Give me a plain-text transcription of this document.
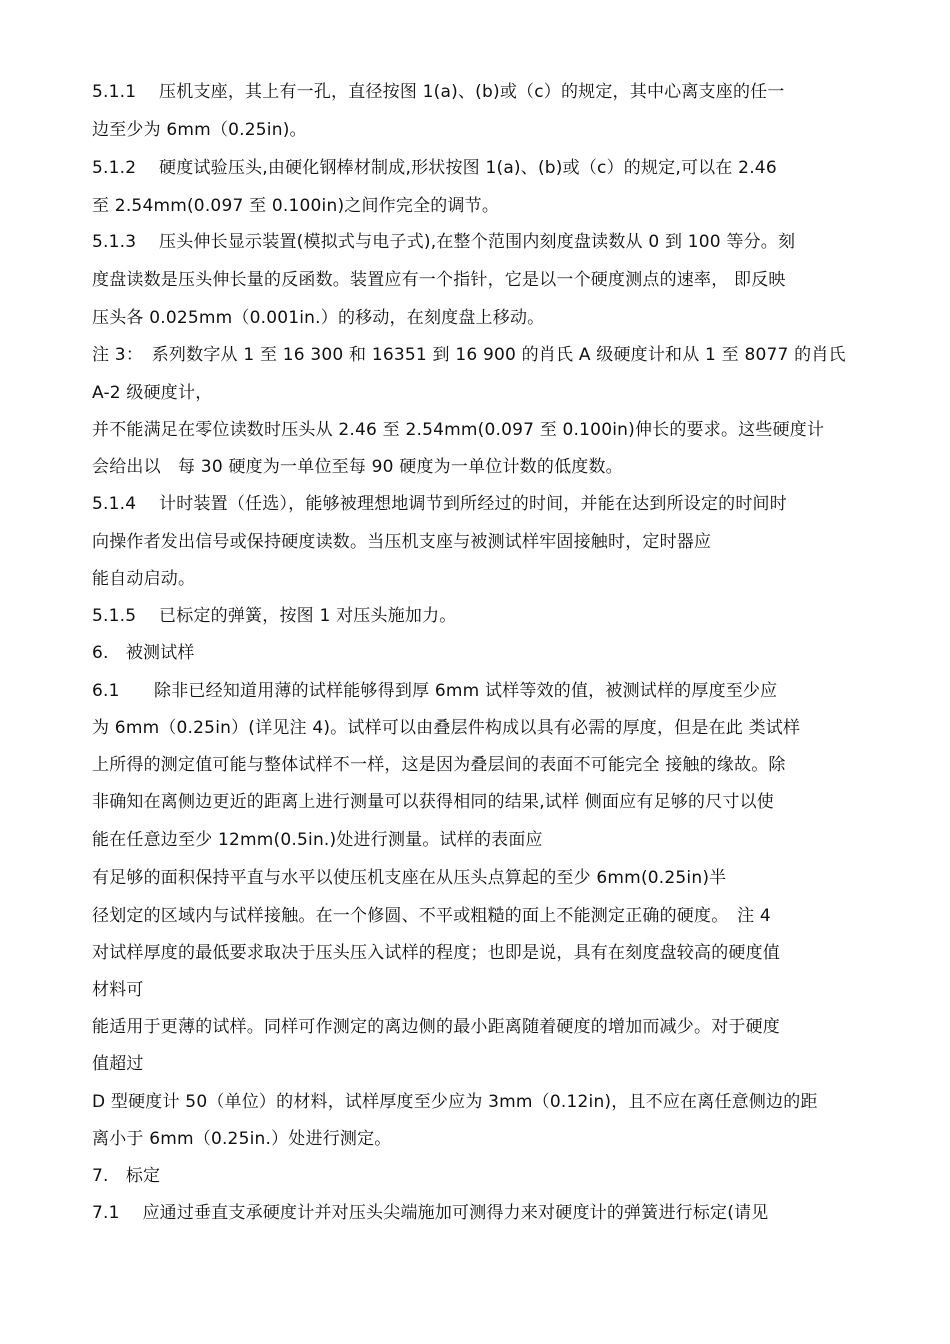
5.1.1　 压机支座，其上有一孔，直径按图 1(a)、(b)或（c）的规定，其中心离支座的任一
边至少为 6mm（0.25in)。
5.1.2　 硬度试验压头,由硬化钢棒材制成,形状按图 1(a)、(b)或（c）的规定,可以在 2.46
至 2.54mm(0.097 至 0.100in)之间作完全的调节。
5.1.3　 压头伸长显示装置(模拟式与电子式),在整个范围内刻度盘读数从 0 到 100 等分。刻
度盘读数是压头伸长量的反函数。装置应有一个指针，它是以一个硬度测点的速率， 即反映
压头各 0.025mm（0.001in.）的移动，在刻度盘上移动。
注 3：　系列数字从 1 至 16 300 和 16351 到 16 900 的肖氏 A 级硬度计和从 1 至 8077 的肖氏
A-2 级硬度计，
并不能满足在零位读数时压头从 2.46 至 2.54mm(0.097 至 0.100in)伸长的要求。这些硬度计
会给出以　每 30 硬度为一单位至每 90 硬度为一单位计数的低度数。
5.1.4　 计时装置（任选），能够被理想地调节到所经过的时间，并能在达到所设定的时间时
向操作者发出信号或保持硬度读数。当压机支座与被测试样牢固接触时，定时器应
能自动启动。
5.1.5　 已标定的弹簧，按图 1 对压头施加力。
6.　被测试样
6.1　　除非已经知道用薄的试样能够得到厚 6mm 试样等效的值，被测试样的厚度至少应
为 6mm（0.25in）(详见注 4)。试样可以由叠层件构成以具有必需的厚度，但是在此 类试样
上所得的测定值可能与整体试样不一样，这是因为叠层间的表面不可能完全 接触的缘故。除
非确知在离侧边更近的距离上进行测量可以获得相同的结果,试样 侧面应有足够的尺寸以使
能在任意边至少 12mm(0.5in.)处进行测量。试样的表面应
有足够的面积保持平直与水平以使压机支座在从压头点算起的至少 6mm(0.25in)半
径划定的区域内与试样接触。在一个修圆、不平或粗糙的面上不能测定正确的硬度。　注 4
对试样厚度的最低要求取决于压头压入试样的程度；也即是说，具有在刻度盘较高的硬度值
材料可
能适用于更薄的试样。同样可作测定的离边侧的最小距离随着硬度的增加而减少。对于硬度
值超过
D 型硬度计 50（单位）的材料，试样厚度至少应为 3mm（0.12in)，且不应在离任意侧边的距
离小于 6mm（0.25in.）处进行测定。
7.　标定
7.1　 应通过垂直支承硬度计并对压头尖端施加可测得力来对硬度计的弹簧进行标定(请见
